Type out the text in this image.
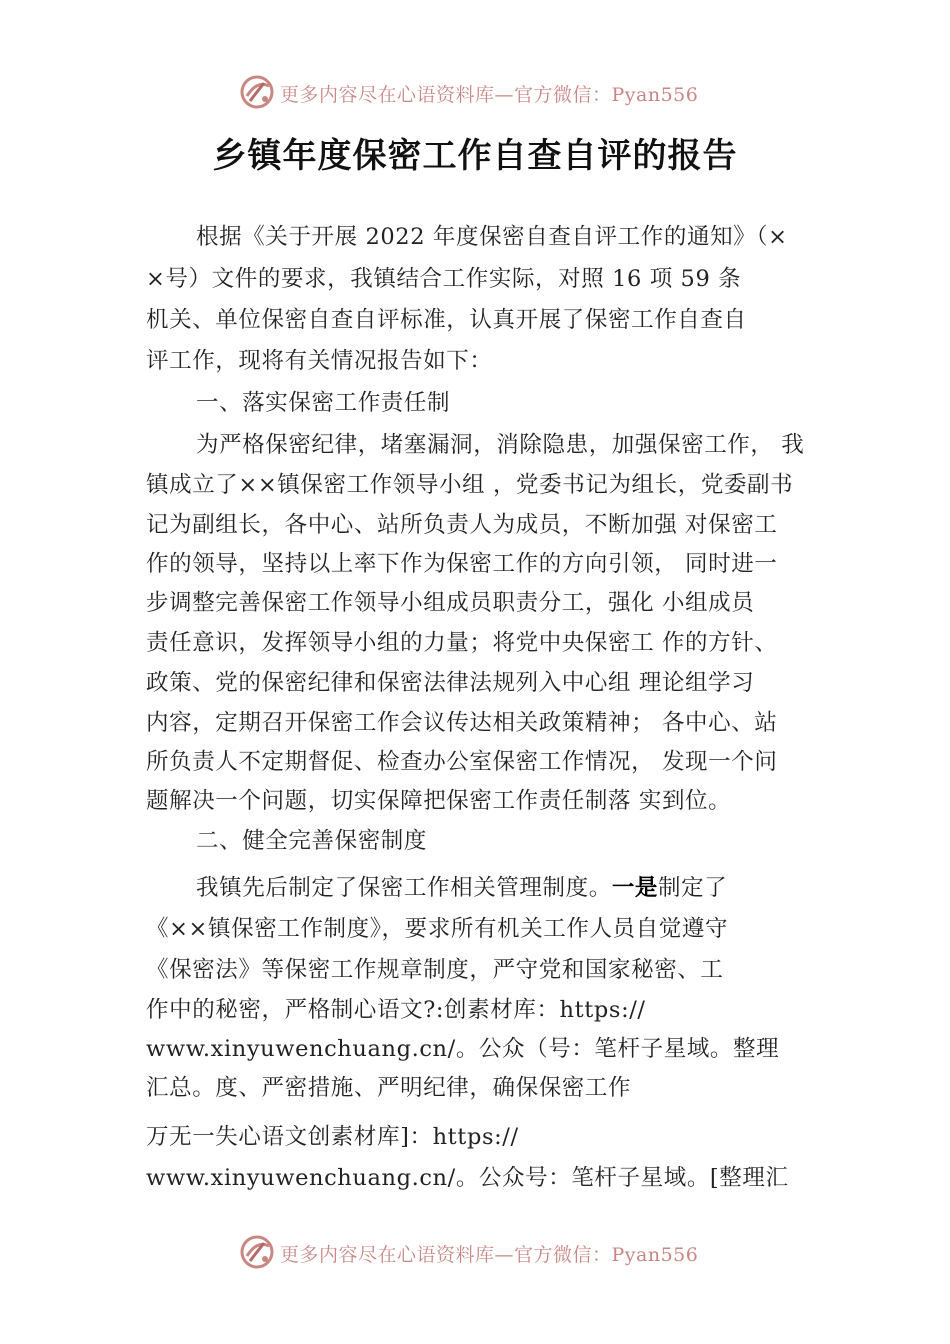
更多内容尽在心语资料库—官方微信：Pyan556
乡镇年度保密工作自查自评的报告
根据《关于开展 2022 年度保密自查自评工作的通知》（×
×号）文件的要求，我镇结合工作实际，对照 16 项 59 条
机关、单位保密自查自评标准，认真开展了保密工作自查自
评工作，现将有关情况报告如下：
一、落实保密工作责任制
为严格保密纪律，堵塞漏洞，消除隐患，加强保密工作， 我
镇成立了××镇保密工作领导小组 ，党委书记为组长，党委副书
记为副组长，各中心、站所负责人为成员，不断加强 对保密工
作的领导，坚持以上率下作为保密工作的方向引领， 同时进一
步调整完善保密工作领导小组成员职责分工，强化 小组成员
责任意识，发挥领导小组的力量；将党中央保密工 作的方针、
政策、党的保密纪律和保密法律法规列入中心组 理论组学习
内容，定期召开保密工作会议传达相关政策精神； 各中心、站
所负责人不定期督促、检查办公室保密工作情况， 发现一个问
题解决一个问题，切实保障把保密工作责任制落 实到位。
二、健全完善保密制度
我镇先后制定了保密工作相关管理制度。一是制定了
《××镇保密工作制度》，要求所有机关工作人员自觉遵守
《保密法》等保密工作规章制度，严守党和国家秘密、工
作中的秘密，严格制心语文?:创素材库：https://
www.xinyuwenchuang.cn/。公众（号：笔杆子星域。整理
汇总。度、严密措施、严明纪律，确保保密工作
万无一失心语文创素材库]：https://
www.xinyuwenchuang.cn/。公众号：笔杆子星域。[整理汇
更多内容尽在心语资料库—官方微信：Pyan556
